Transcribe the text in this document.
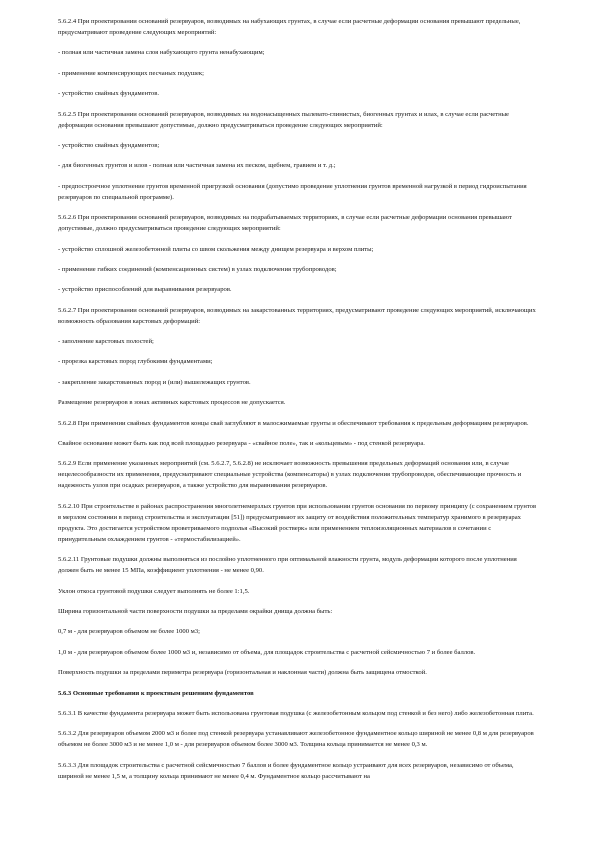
5.6.2.4 При проектировании оснований резервуаров, возводимых на набухающих грунтах, в случае если расчетные деформации основания превышают предельные, предусматривают проведение следующих мероприятий:

- полная или частичная замена слоя набухающего грунта ненабухающим;

- применение компенсирующих песчаных подушек;

- устройство свайных фундаментов.

5.6.2.5 При проектировании оснований резервуаров, возводимых на водонасыщенных пылевато-глинистых, биогенных грунтах и илах, в случае если расчетные деформации основания превышают допустимые, должно предусматриваться проведение следующих мероприятий:

- устройство свайных фундаментов;

- для биогенных грунтов и илов - полная или частичная замена их песком, щебнем, гравием и т. д.;

- предпостроечное уплотнение грунтов временной пригрузкой основания (допустимо проведение уплотнения грунтов временной нагрузкой в период гидроиспытания резервуаров по специальной программе).

5.6.2.6 При проектировании оснований резервуаров, возводимых на подрабатываемых территориях, в случае если расчетные деформации основания превышают допустимые, должно предусматриваться проведение следующих мероприятий:

- устройство сплошной железобетонной плиты со швом скольжения между днищем резервуара и верхом плиты;

- применение гибких соединений (компенсационных систем) в узлах подключения трубопроводов;

- устройство приспособлений для выравнивания резервуаров.

5.6.2.7 При проектировании оснований резервуаров, возводимых на закарстованных территориях, предусматривают проведение следующих мероприятий, исключающих возможность образования карстовых деформаций:

- заполнение карстовых полостей;

- прорезка карстовых пород глубокими фундаментами;

- закрепление закарстованных пород и (или) вышележащих грунтов.

Размещение резервуаров в зонах активных карстовых процессов не допускается.

5.6.2.8 При применении свайных фундаментов концы свай заглубляют в малосжимаемые грунты и обеспечивают требования к предельным деформациям резервуаров.

Свайное основание может быть как под всей площадью резервуара - «свайное поле», так и «кольцевым» - под стенкой резервуара.

5.6.2.9 Если применение указанных мероприятий (см. 5.6.2.7, 5.6.2.8) не исключает возможность превышения предельных деформаций основания или, в случае нецелесообразности их применения, предусматривают специальные устройства (компенсаторы) в узлах подключения трубопроводов, обеспечивающие прочность и надежность узлов при осадках резервуаров, а также устройство для выравнивания резервуаров.

5.6.2.10 При строительстве в районах распространения многолетнемерзлых грунтов при использовании грунтов основания по первому принципу (с сохранением грунтов в мерзлом состоянии в период строительства и эксплуатации [51]) предусматривают их защиту от воздействия положительных температур хранимого в резервуарах продукта. Это достигается устройством проветриваемого подполья «Высокий ростверк» или применением теплоизоляционных материалов в сочетании с принудительным охлаждением грунтов - «термостабилизацией».

5.6.2.11 Грунтовые подушки должны выполняться из послойно уплотненного при оптимальной влажности грунта, модуль деформации которого после уплотнения должен быть не менее 15 МПа, коэффициент уплотнения - не менее 0,90.

Уклон откоса грунтовой подушки следует выполнять не более 1:1,5.

Ширина горизонтальной части поверхности подушки за пределами окрайки днища должна быть:

0,7 м - для резервуаров объемом не более 1000 м3;

1,0 м - для резервуаров объемом более 1000 м3 и, независимо от объема, для площадок строительства с расчетной сейсмичностью 7 и более баллов.

Поверхность подушки за пределами периметра резервуара (горизонтальная и наклонная части) должна быть защищена отмосткой.

5.6.3 Основные требования к проектным решениям фундаментов

5.6.3.1 В качестве фундамента резервуара может быть использована грунтовая подушка (с железобетонным кольцом под стенкой и без него) либо железобетонная плита.

5.6.3.2 Для резервуаров объемом 2000 м3 и более под стенкой резервуара устанавливают железобетонное фундаментное кольцо шириной не менее 0,8 м для резервуаров объемом не более 3000 м3 и не менее 1,0 м - для резервуаров объемом более 3000 м3. Толщина кольца принимается не менее 0,3 м.

5.6.3.3 Для площадок строительства с расчетной сейсмичностью 7 баллов и более фундаментное кольцо устраивают для всех резервуаров, независимо от объема, шириной не менее 1,5 м, а толщину кольца принимают не менее 0,4 м. Фундаментное кольцо рассчитывают на
